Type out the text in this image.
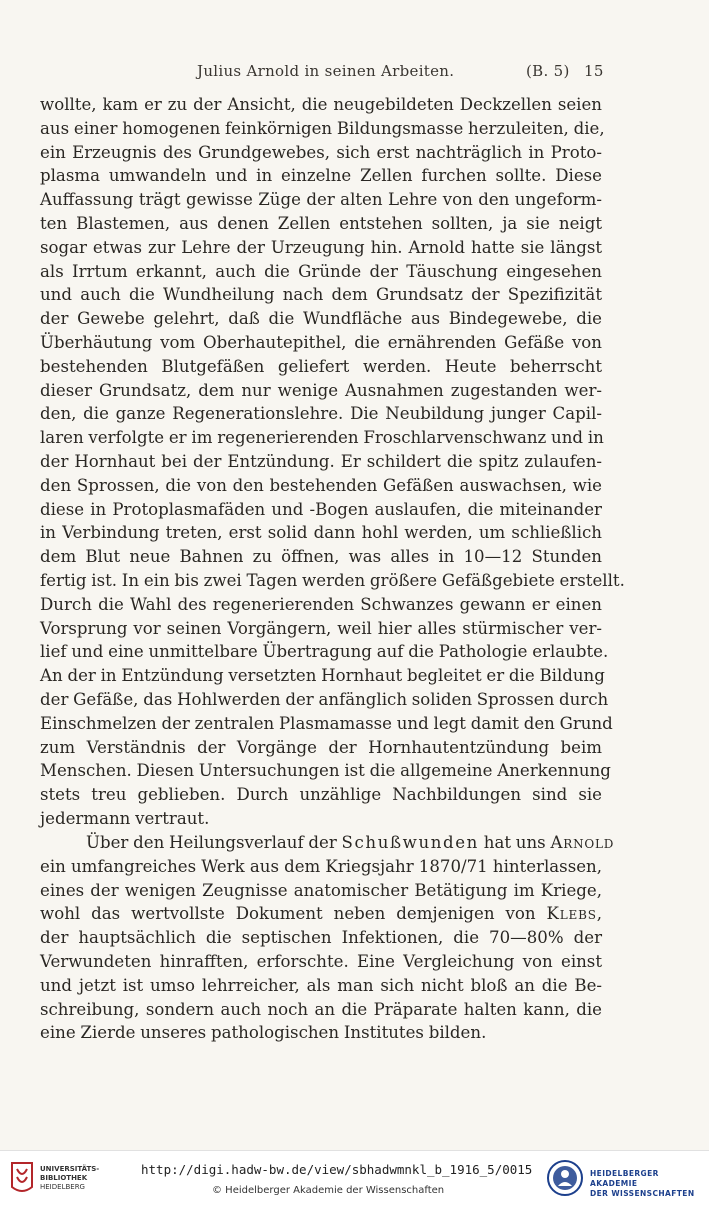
Julius Arnold in seinen Arbeiten.	(B. 5) 15
wollte, kam er zu der Ansicht, die neugebildeten Deckzellen seien
aus einer homogenen feinkörnigen Bildungsmasse herzuleiten, die,
ein Erzeugnis des Grundgewebes, sich erst nachträglich in Proto-
plasma umwandeln und in einzelne Zellen furchen sollte. Diese
Auffassung trägt gewisse Züge der alten Lehre von den ungeform-
ten Blastemen, aus denen Zellen entstehen sollten, ja sie neigt
sogar etwas zur Lehre der Urzeugung hin. Arnold hatte sie längst
als Irrtum erkannt, auch die Gründe der Täuschung eingesehen
und auch die Wundheilung nach dem Grundsatz der Spezifizität
der Gewebe gelehrt, daß die Wundfläche aus Bindegewebe, die
Überhäutung vom Oberhautepithel, die ernährenden Gefäße von
bestehenden Blutgefäßen geliefert werden. Heute beherrscht
dieser Grundsatz, dem nur wenige Ausnahmen zugestanden wer-
den, die ganze Regenerationslehre. Die Neubildung junger Capil-
laren verfolgte er im regenerierenden Froschlarvenschwanz und in
der Hornhaut bei der Entzündung. Er schildert die spitz zulaufen-
den Sprossen, die von den bestehenden Gefäßen auswachsen, wie
diese in Protoplasmafäden und -Bogen auslaufen, die miteinander
in Verbindung treten, erst solid dann hohl werden, um schließlich
dem Blut neue Bahnen zu öffnen, was alles in 10—12 Stunden
fertig ist. In ein bis zwei Tagen werden größere Gefäßgebiete erstellt.
Durch die Wahl des regenerierenden Schwanzes gewann er einen
Vorsprung vor seinen Vorgängern, weil hier alles stürmischer ver-
lief und eine unmittelbare Übertragung auf die Pathologie erlaubte.
An der in Entzündung versetzten Hornhaut begleitet er die Bildung
der Gefäße, das Hohlwerden der anfänglich soliden Sprossen durch
Einschmelzen der zentralen Plasmamasse und legt damit den Grund
zum Verständnis der Vorgänge der Hornhautentzündung beim
Menschen. Diesen Untersuchungen ist die allgemeine Anerkennung
stets treu geblieben. Durch unzählige Nachbildungen sind sie
jedermann vertraut.
Über den Heilungsverlauf der Schußwunden hat uns Arnold
ein umfangreiches Werk aus dem Kriegsjahr 1870/71 hinterlassen,
eines der wenigen Zeugnisse anatomischer Betätigung im Kriege,
wohl das wertvollste Dokument neben demjenigen von Klebs,
der hauptsächlich die septischen Infektionen, die 70—80% der
Verwundeten hinrafften, erforschte. Eine Vergleichung von einst
und jetzt ist umso lehrreicher, als man sich nicht bloß an die Be-
schreibung, sondern auch noch an die Präparate halten kann, die
eine Zierde unseres pathologischen Institutes bilden.
UNIVERSITÄTS-
BIBLIOTHEK
HEIDELBERG
http://digi.hadw-bw.de/view/sbhadwmnkl_b_1916_5/0015
© Heidelberger Akademie der Wissenschaften
HEIDELBERGER AKADEMIE
DER WISSENSCHAFTEN
